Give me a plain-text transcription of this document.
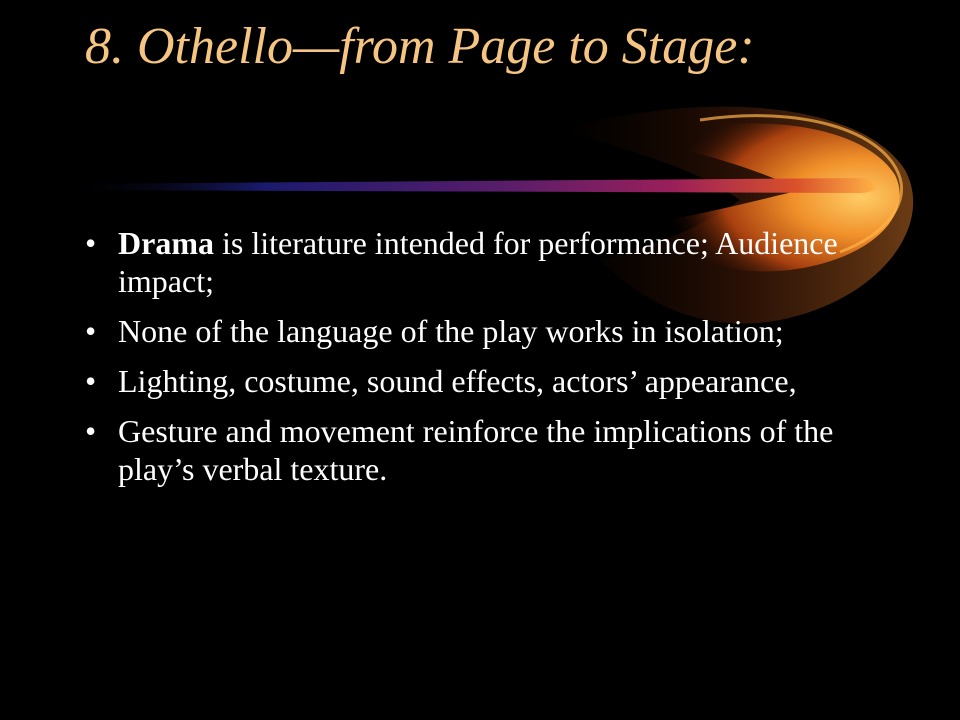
8. Othello—from Page to Stage:
• Drama is literature intended for performance; Audience impact;
• None of the language of the play works in isolation;
• Lighting, costume, sound effects, actors’ appearance,
• Gesture and movement reinforce the implications of the play’s verbal texture.
